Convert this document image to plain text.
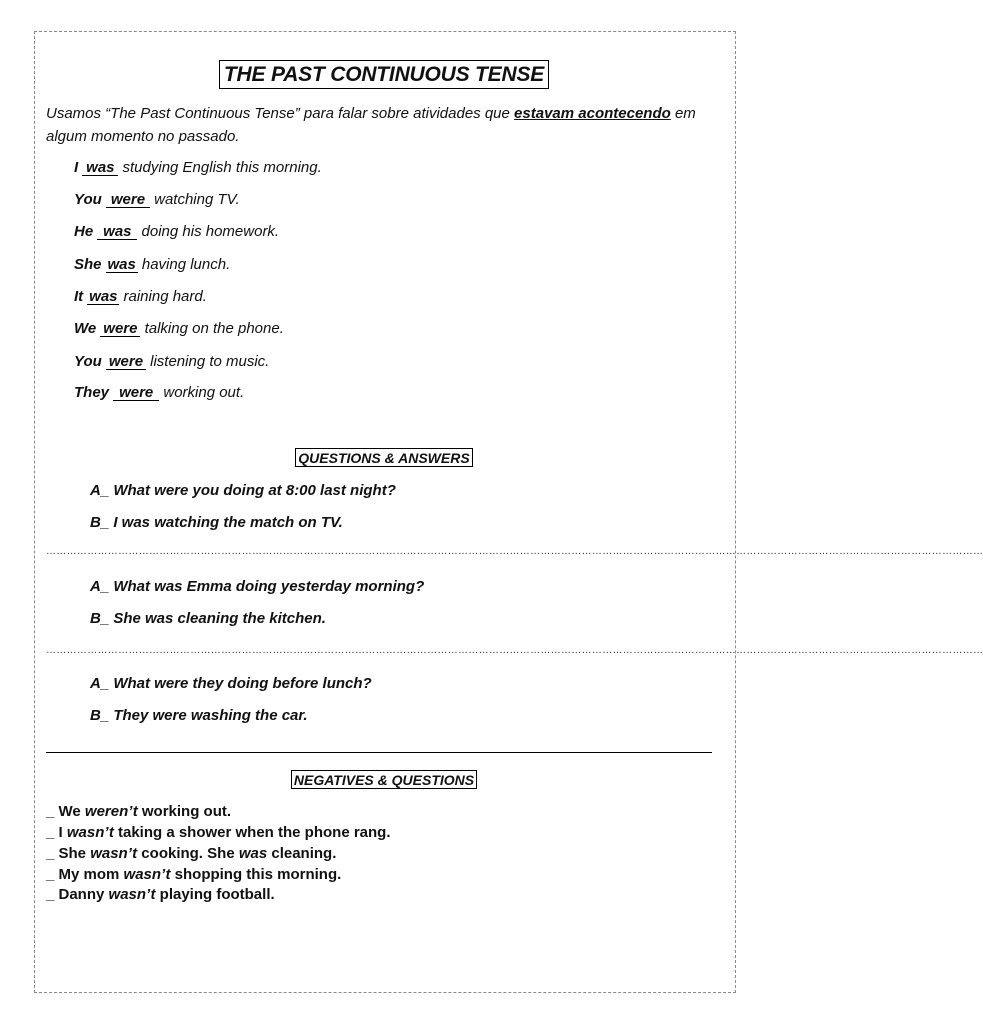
THE PAST CONTINUOUS TENSE
Usamos “The Past Continuous Tense” para falar sobre atividades que estavam acontecendo em algum momento no passado.
I was studying English this morning.
You were watching TV.
He was doing his homework.
She was having lunch.
It was raining hard.
We were talking on the phone.
You were listening to music.
They were working out.
QUESTIONS & ANSWERS
A_ What were you doing at 8:00 last night?
B_ I was watching the match on TV.
…………………………………………………………………………………………………………………………………………………………………………………………………………………………………………………
A_ What was Emma doing yesterday morning?
B_ She was cleaning the kitchen.
…………………………………………………………………………………………………………………………………………………………………………………………………………………………………………………
A_ What were they doing before lunch?
B_ They were washing the car.
NEGATIVES & QUESTIONS
_ We weren’t working out.
_ I wasn’t taking a shower when the phone rang.
_ She wasn’t cooking. She was cleaning.
_ My mom wasn’t shopping this morning.
_ Danny wasn’t playing football.
